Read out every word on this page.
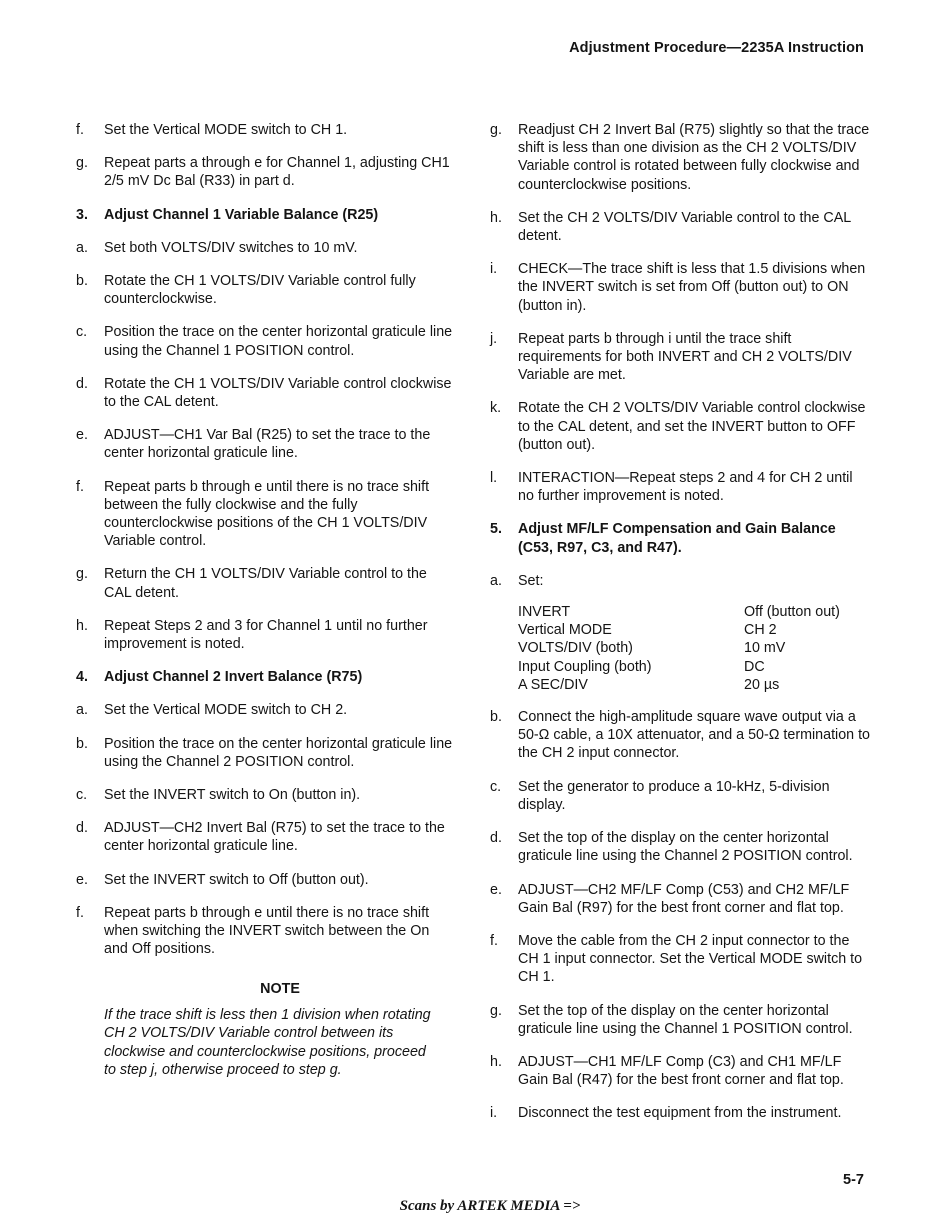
Adjustment Procedure—2235A Instruction
f.	Set the Vertical MODE switch to CH 1.
g.	Repeat parts a through e for Channel 1, adjusting CH1 2/5 mV Dc Bal (R33) in part d.
3.	Adjust Channel 1 Variable Balance (R25)
a.	Set both VOLTS/DIV switches to 10 mV.
b.	Rotate the CH 1 VOLTS/DIV Variable control fully counterclockwise.
c.	Position the trace on the center horizontal graticule line using the Channel 1 POSITION control.
d.	Rotate the CH 1 VOLTS/DIV Variable control clockwise to the CAL detent.
e.	ADJUST—CH1 Var Bal (R25) to set the trace to the center horizontal graticule line.
f.	Repeat parts b through e until there is no trace shift between the fully clockwise and the fully counterclockwise positions of the CH 1 VOLTS/DIV Variable control.
g.	Return the CH 1 VOLTS/DIV Variable control to the CAL detent.
h.	Repeat Steps 2 and 3 for Channel 1 until no further improvement is noted.
4.	Adjust Channel 2 Invert Balance (R75)
a.	Set the Vertical MODE switch to CH 2.
b.	Position the trace on the center horizontal graticule line using the Channel 2 POSITION control.
c.	Set the INVERT switch to On (button in).
d.	ADJUST—CH2 Invert Bal (R75) to set the trace to the center horizontal graticule line.
e.	Set the INVERT switch to Off (button out).
f.	Repeat parts b through e until there is no trace shift when switching the INVERT switch between the On and Off positions.
NOTE
If the trace shift is less then 1 division when rotating CH 2 VOLTS/DIV Variable control between its clockwise and counterclockwise positions, proceed to step j, otherwise proceed to step g.
g.	Readjust CH 2 Invert Bal (R75) slightly so that the trace shift is less than one division as the CH 2 VOLTS/DIV Variable control is rotated between fully clockwise and counterclockwise positions.
h.	Set the CH 2 VOLTS/DIV Variable control to the CAL detent.
i.	CHECK—The trace shift is less that 1.5 divisions when the INVERT switch is set from Off (button out) to ON (button in).
j.	Repeat parts b through i until the trace shift requirements for both INVERT and CH 2 VOLTS/DIV Variable are met.
k.	Rotate the CH 2 VOLTS/DIV Variable control clockwise to the CAL detent, and set the INVERT button to OFF (button out).
l.	INTERACTION—Repeat steps 2 and 4 for CH 2 until no further improvement is noted.
5.	Adjust MF/LF Compensation and Gain Balance (C53, R97, C3, and R47).
a.	Set:
INVERT	Off (button out)
Vertical MODE	CH 2
VOLTS/DIV (both)	10 mV
Input Coupling (both)	DC
A SEC/DIV	20 µs
b.	Connect the high-amplitude square wave output via a 50-Ω cable, a 10X attenuator, and a 50-Ω termination to the CH 2 input connector.
c.	Set the generator to produce a 10-kHz, 5-division display.
d.	Set the top of the display on the center horizontal graticule line using the Channel 2 POSITION control.
e.	ADJUST—CH2 MF/LF Comp (C53) and CH2 MF/LF Gain Bal (R97) for the best front corner and flat top.
f.	Move the cable from the CH 2 input connector to the CH 1 input connector. Set the Vertical MODE switch to CH 1.
g.	Set the top of the display on the center horizontal graticule line using the Channel 1 POSITION control.
h.	ADJUST—CH1 MF/LF Comp (C3) and CH1 MF/LF Gain Bal (R47) for the best front corner and flat top.
i.	Disconnect the test equipment from the instrument.
5-7
Scans by ARTEK MEDIA =>
